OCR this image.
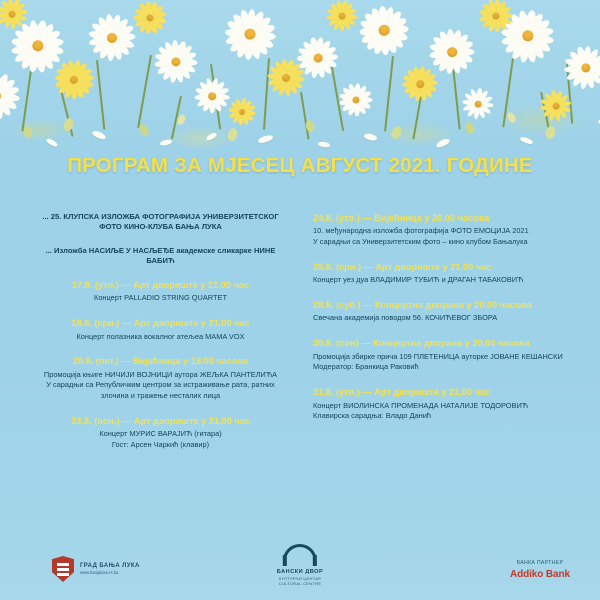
ПРОГРАМ ЗА МЈЕСЕЦ АВГУСТ 2021. ГОДИНЕ
... 25. КЛУПСКА ИЗЛОЖБА ФОТОГРАФИЈА УНИВЕРЗИТЕТСКОГ ФОТО КИНО-КЛУБА БАЊА ЛУКА
... Изложба НАСИЉЕ У НАСЉЕЂЕ академске сликарке НИНЕ БАБИЋ
17.8. (уто.) — Арт двориште у 21.00 час
Концерт PALLADIO STRING QUARTET
18.8. (сри.) — Арт двориште у 21.00 час
Концерт полазника вокалног атељеа MAMA VOX
20.8. (пет.) — Вијећница у 18.00 часова
Промоција књиге НИЧИЈИ ВОЈНИЦИ ауторa ЖЕЉКА ПАНТЕЛИЋА
У сарадњи са Републичким центром за истраживање рата, ратних
злочина и тражење несталих лица
23.8. (пон.) — Арт двориште у 21.00 час
Концерт МУРИС ВАРАЈИЋ (гитара)
Гост: Арсен Чаркић (клавир)
24.8. (уто.) — Вијећница у 20.00 часова
10. међународна изложба фотографија ФОТО ЕМОЦИЈА 2021
У сарадњи са Универзитетским фото – кино клубом Бањалука
25.8. (сри.) — Арт двориште у 21.00 час
Концерт уез дуа ВЛАДИМИР ТУБИЋ и ДРАГАН ТАБАКОВИЋ
28.8. (суб.) — Концертна дворана у 20.00 часова
Свечана академија поводом 56. КОЧИЋЕВОГ ЗБОРА
30.8. (пон) — Концертна дворана у 20.00 часова
Промоција збирке прича 109 ПЛЕТЕНИЦА ауторке ЈОВАНЕ КЕШАНСКИ
Модератор: Бранкица Раковић
31.8. (уто.) — Арт дворишта у 21.00 час
Концерт ВИОЛИНСКА ПРОМЕНАДА НАТАЛИЈЕ ТОДОРОВИЋ
Клавирска сарадња: Владо Данић
ГРАД БАЊА ЛУКА
www.banjaluka.rs.ba	БАНСКИ ДВОР
КУЛТУРНИ ЦЕНТАР
CULTURAL CENTRE
БАНКА ПАРТНЕР
Addiko Bank
